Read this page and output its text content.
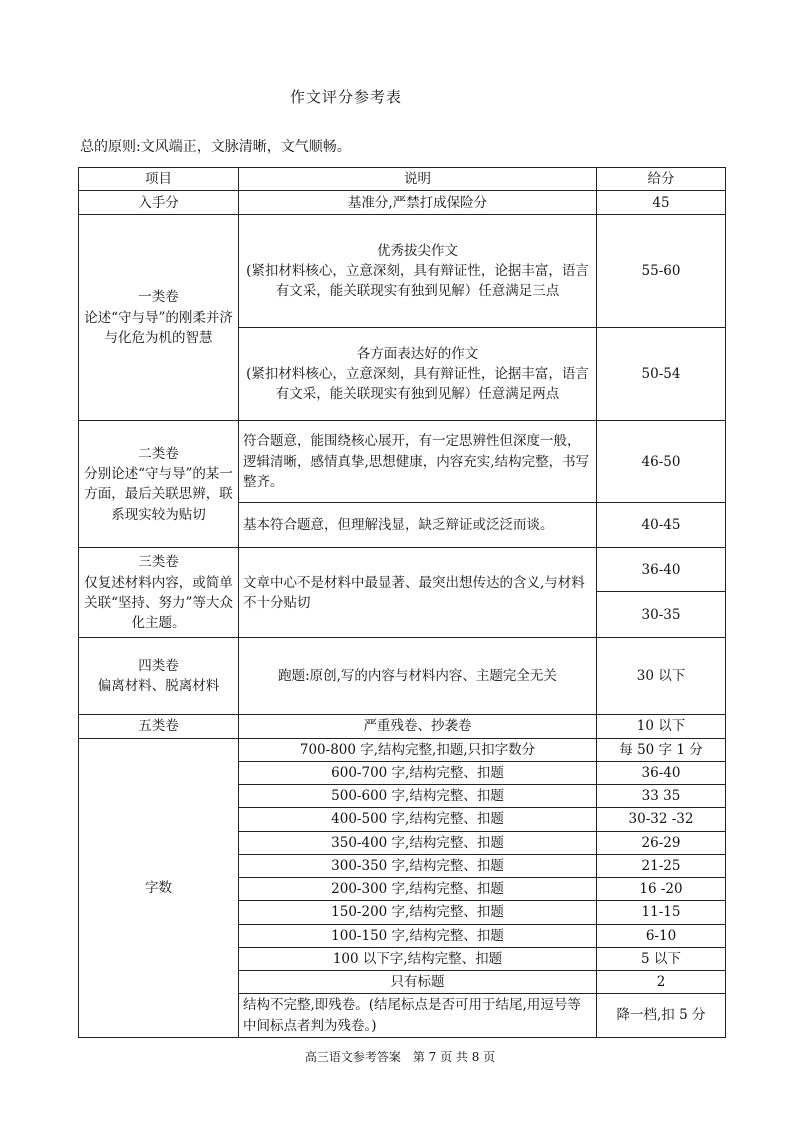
作文评分参考表
总的原则:文风端正，文脉清晰，文气顺畅。
项目	说明	给分
入手分	基准分,严禁打成保险分	45

一类卷
论述“守与导”的刚柔并济与化危为机的智慧	优秀拔尖作文
(紧扣材料核心，立意深刻，具有辩证性，论据丰富，语言有文采，能关联现实有独到见解）任意满足三点	55-60

	各方面表达好的作文
(紧扣材料核心，立意深刻，具有辩证性，论据丰富，语言有文采，能关联现实有独到见解）任意满足两点	50-54

二类卷
分别论述“守与导”的某一方面，最后关联思辨，联系现实较为贴切	符合题意，能围绕核心展开，有一定思辨性但深度一般，逻辑清晰，感情真挚,思想健康，内容充实,结构完整，书写整齐。	46-50
	基本符合题意，但理解浅显，缺乏辩证或泛泛而谈。	40-45

三类卷
仅复述材料内容，或简单关联“坚持、努力”等大众化主题。	文章中心不是材料中最显著、最突出想传达的含义,与材料不十分贴切	36-40
		30-35

四类卷
偏离材料、脱离材料	跑题:原创,写的内容与材料内容、主题完全无关	30 以下
五类卷	严重残卷、抄袭卷	10 以下
字数	700-800 字,结构完整,扣题,只扣字数分	每 50 字 1 分
	600-700 字,结构完整、扣题	36-40
	500-600 字,结构完整、扣题	33 35
	400-500 字,结构完整、扣题	30-32 -32
	350-400 字,结构完整、扣题	26-29
	300-350 字,结构完整、扣题	21-25
	200-300 字,结构完整、扣题	16 -20
	150-200 字,结构完整、扣题	11-15
	100-150 字,结构完整、扣题	6-10
	100 以下字,结构完整、扣题	5 以下
	只有标题	2
	结构不完整,即残卷。(结尾标点是否可用于结尾,用逗号等中间标点者判为残卷。)	降一档,扣 5 分
高三语文参考答案　第 7 页 共 8 页
